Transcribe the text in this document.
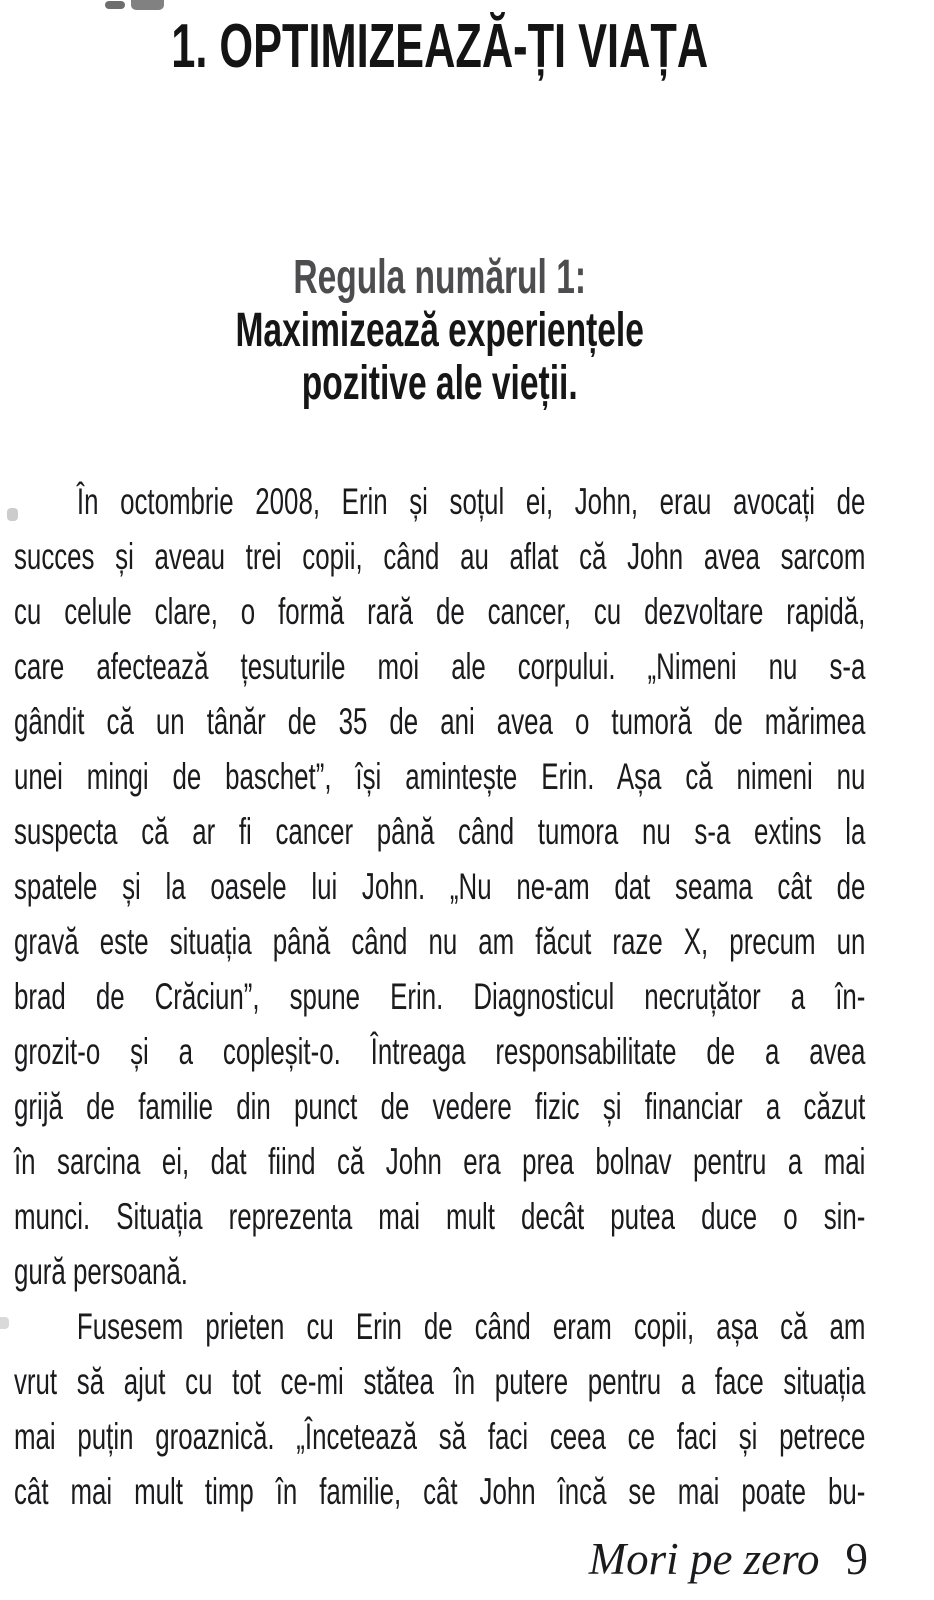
1. OPTIMIZEAZĂ-ȚI VIAȚA
Regula numărul 1:
Maximizează experiențele
pozitive ale vieții.
În octombrie 2008, Erin și soțul ei, John, erau avocați de
succes și aveau trei copii, când au aflat că John avea sarcom
cu celule clare, o formă rară de cancer, cu dezvoltare rapidă,
care afectează țesuturile moi ale corpului. „Nimeni nu s-a
gândit că un tânăr de 35 de ani avea o tumoră de mărimea
unei mingi de baschet”, își amintește Erin. Așa că nimeni nu
suspecta că ar fi cancer până când tumora nu s-a extins la
spatele și la oasele lui John. „Nu ne-am dat seama cât de
gravă este situația până când nu am făcut raze X, precum un
brad de Crăciun”, spune Erin. Diagnosticul necruțător a în-
grozit-o și a copleșit-o. Întreaga responsabilitate de a avea
grijă de familie din punct de vedere fizic și financiar a căzut
în sarcina ei, dat fiind că John era prea bolnav pentru a mai
munci. Situația reprezenta mai mult decât putea duce o sin-
gură persoană.
Fusesem prieten cu Erin de când eram copii, așa că am
vrut să ajut cu tot ce-mi stătea în putere pentru a face situația
mai puțin groaznică. „Încetează să faci ceea ce faci și petrece
cât mai mult timp în familie, cât John încă se mai poate bu-
Mori pe zero 9
